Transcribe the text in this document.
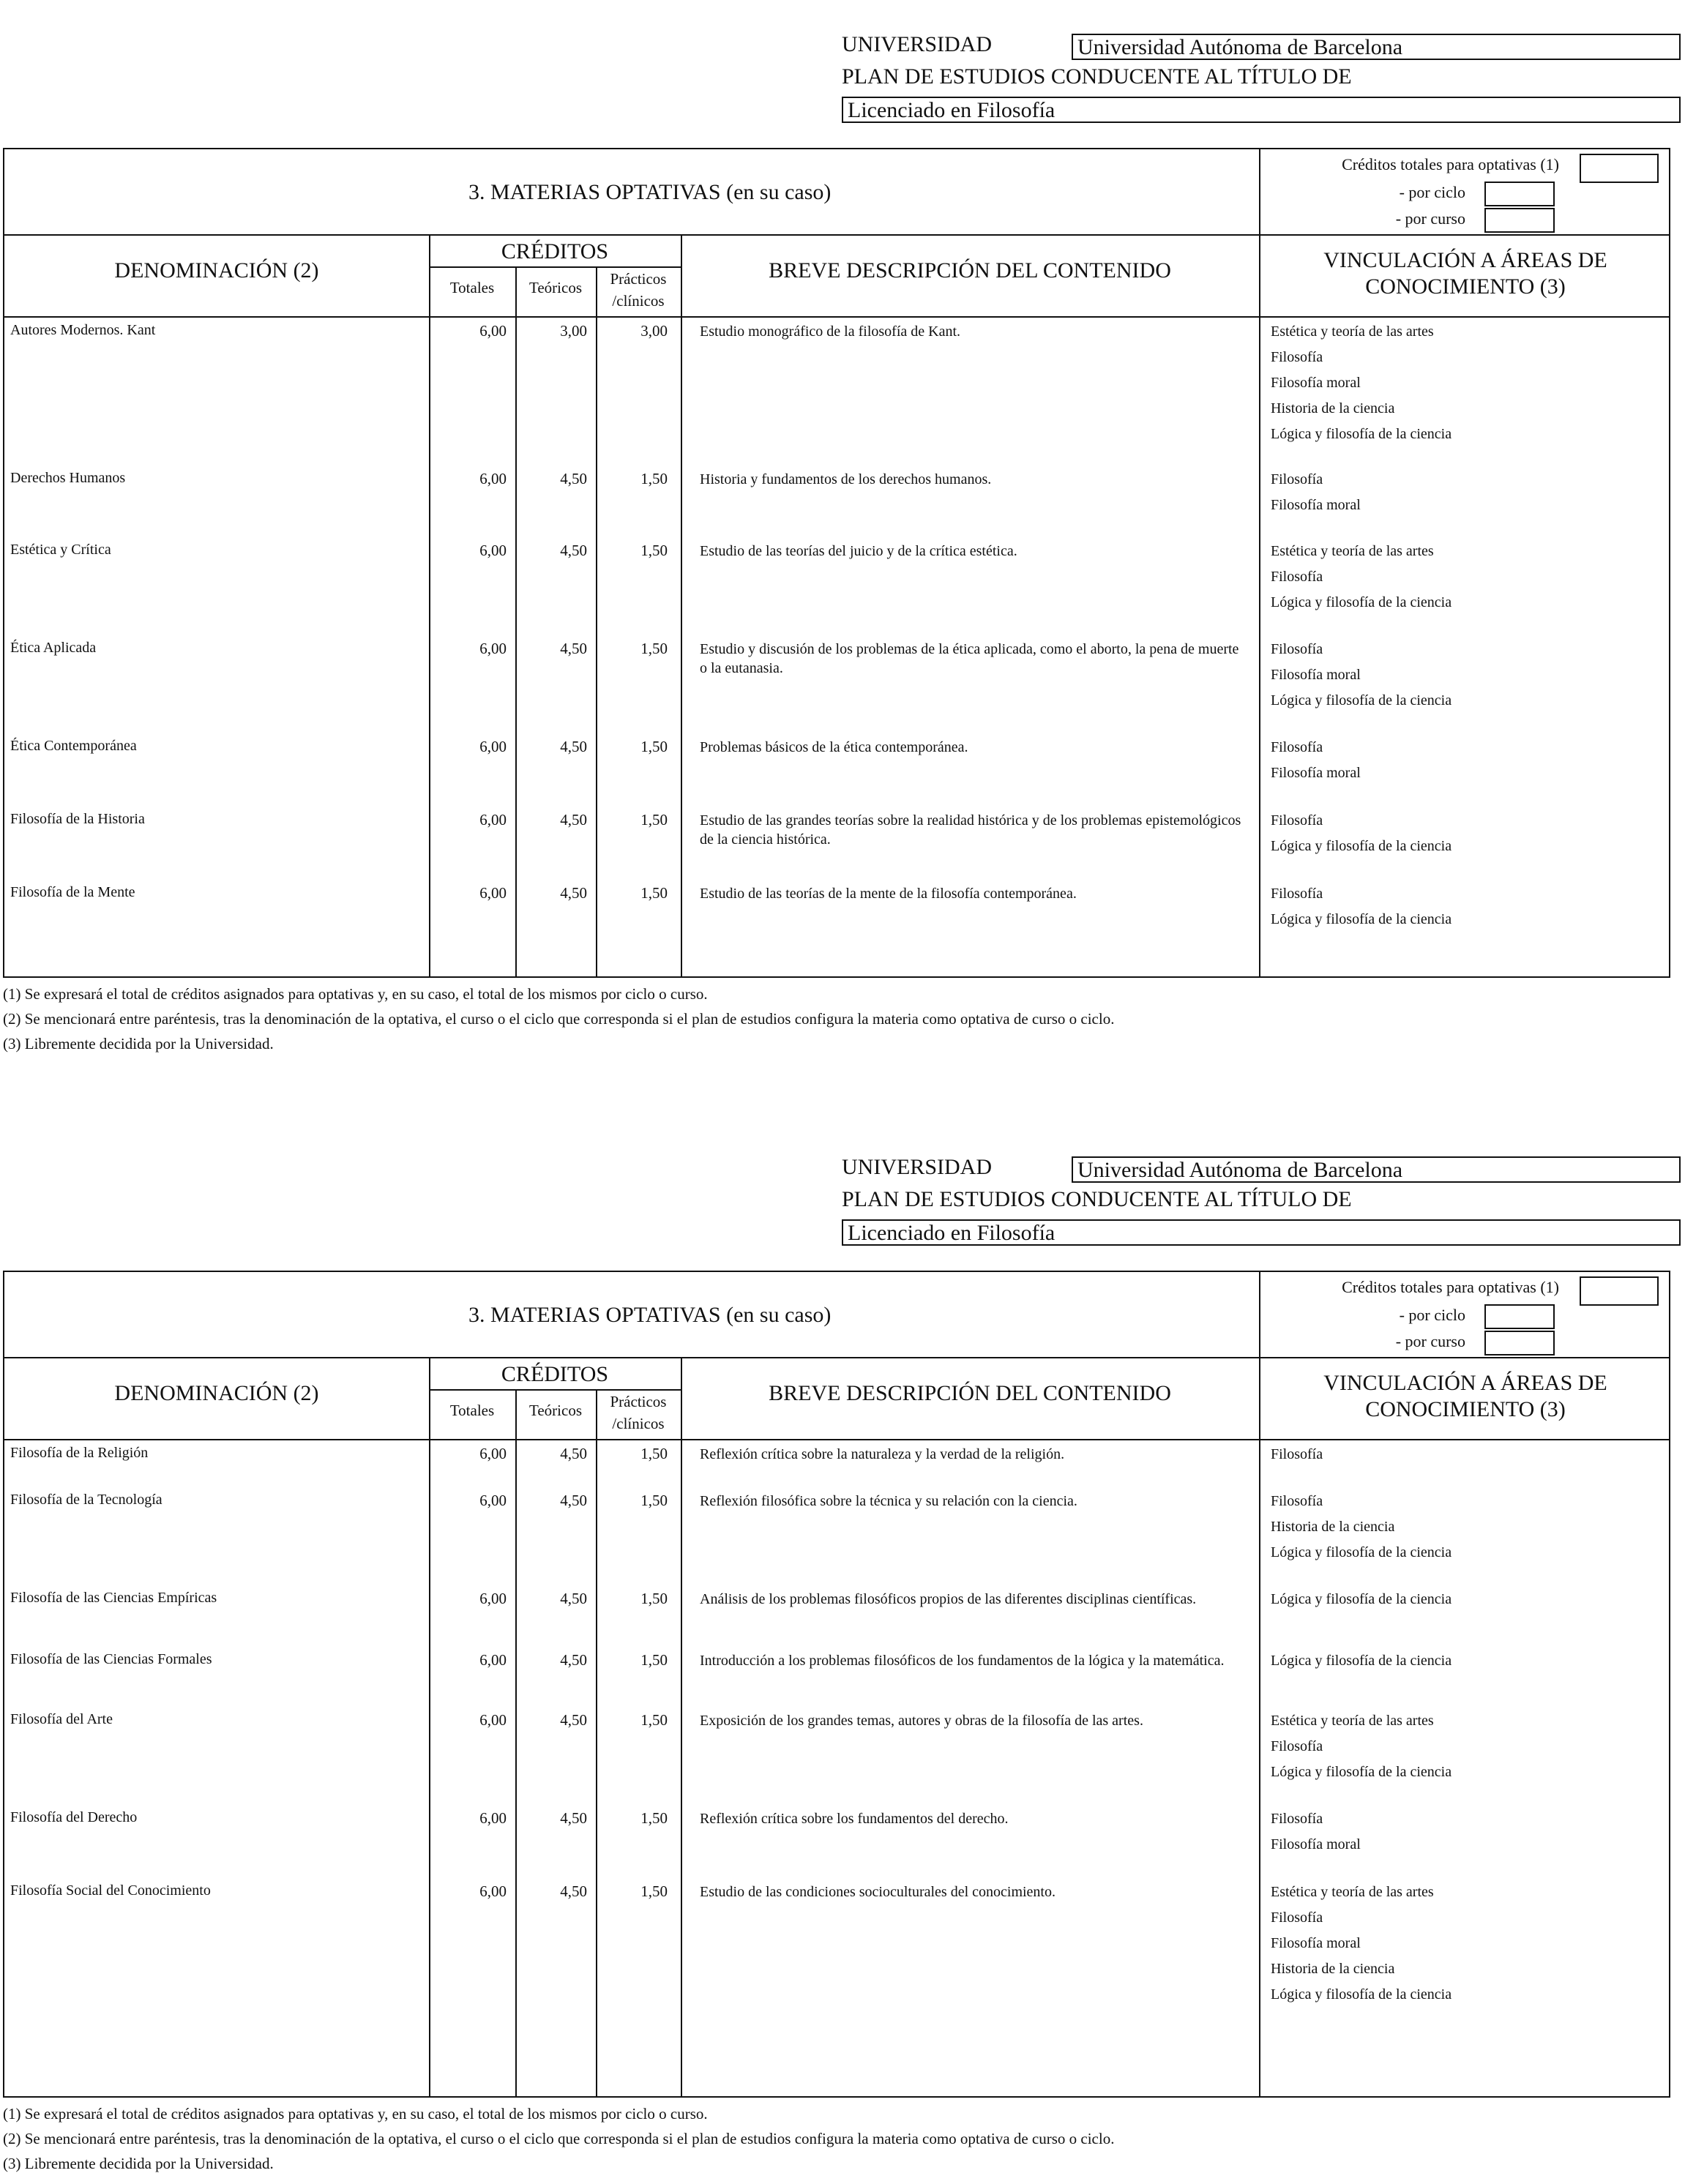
UNIVERSIDAD	Universidad Autónoma de Barcelona
PLAN DE ESTUDIOS CONDUCENTE AL TÍTULO DE
Licenciado en Filosofía
3. MATERIAS OPTATIVAS (en su caso)
Créditos totales para optativas (1)
- por ciclo
- por curso
DENOMINACIÓN (2)
CRÉDITOS
Totales	Teóricos	Prácticos
/clínicos
BREVE DESCRIPCIÓN DEL CONTENIDO	VINCULACIÓN A ÁREAS DE
CONOCIMIENTO (3)
Autores Modernos. Kant	6,00	3,00	3,00 Estudio monográfico de la filosofía de Kant.	Estética y teoría de las artes
Filosofía
Filosofía moral
Historia de la ciencia
Lógica y filosofía de la ciencia
Derechos Humanos	6,00	4,50	1,50 Historia y fundamentos de los derechos humanos.	Filosofía
Filosofía moral
Estética y Crítica	6,00	4,50	1,50 Estudio de las teorías del juicio y de la crítica estética.	Estética y teoría de las artes
Filosofía
Lógica y filosofía de la ciencia
Ética Aplicada	6,00	4,50	1,50 Estudio y discusión de los problemas de la ética aplicada, como el aborto, la pena de muerte o la eutanasia.
Filosofía
Filosofía moral
Lógica y filosofía de la ciencia
Ética Contemporánea	6,00	4,50	1,50 Problemas básicos de la ética contemporánea.	Filosofía
Filosofía moral
Filosofía de la Historia	6,00	4,50	1,50 Estudio de las grandes teorías sobre la realidad histórica y de los problemas epistemológicos de la ciencia histórica.
Filosofía
Lógica y filosofía de la ciencia
Filosofía de la Mente	6,00	4,50	1,50 Estudio de las teorías de la mente de la filosofía contemporánea.	Filosofía
Lógica y filosofía de la ciencia
(1) Se expresará el total de créditos asignados para optativas y, en su caso, el total de los mismos por ciclo o curso.
(2) Se mencionará entre paréntesis, tras la denominación de la optativa, el curso o el ciclo que corresponda si el plan de estudios configura la materia como optativa de curso o ciclo.
(3) Libremente decidida por la Universidad.
UNIVERSIDAD	Universidad Autónoma de Barcelona
PLAN DE ESTUDIOS CONDUCENTE AL TÍTULO DE
Licenciado en Filosofía
3. MATERIAS OPTATIVAS (en su caso)
Créditos totales para optativas (1)
- por ciclo
- por curso
DENOMINACIÓN (2)
CRÉDITOS
Totales	Teóricos	Prácticos
/clínicos
BREVE DESCRIPCIÓN DEL CONTENIDO	VINCULACIÓN A ÁREAS DE
CONOCIMIENTO (3)
Filosofía de la Religión	6,00	4,50	1,50 Reflexión crítica sobre la naturaleza y la verdad de la religión.	Filosofía
Filosofía de la Tecnología	6,00	4,50	1,50 Reflexión filosófica sobre la técnica y su relación con la ciencia.	Filosofía
Historia de la ciencia
Lógica y filosofía de la ciencia
Filosofía de las Ciencias Empíricas	6,00	4,50	1,50 Análisis de los problemas filosóficos propios de las diferentes disciplinas científicas.	Lógica y filosofía de la ciencia
Filosofía de las Ciencias Formales	6,00	4,50	1,50 Introducción a los problemas filosóficos de los fundamentos de la lógica y la matemática.	Lógica y filosofía de la ciencia
Filosofía del Arte	6,00	4,50	1,50 Exposición de los grandes temas, autores y obras de la filosofía de las artes.	Estética y teoría de las artes
Filosofía
Lógica y filosofía de la ciencia
Filosofía del Derecho	6,00	4,50	1,50 Reflexión crítica sobre los fundamentos del derecho.	Filosofía
Filosofía moral
Filosofía Social del Conocimiento	6,00	4,50	1,50 Estudio de las condiciones socioculturales del conocimiento.	Estética y teoría de las artes
Filosofía
Filosofía moral
Historia de la ciencia
Lógica y filosofía de la ciencia
(1) Se expresará el total de créditos asignados para optativas y, en su caso, el total de los mismos por ciclo o curso.
(2) Se mencionará entre paréntesis, tras la denominación de la optativa, el curso o el ciclo que corresponda si el plan de estudios configura la materia como optativa de curso o ciclo.
(3) Libremente decidida por la Universidad.
